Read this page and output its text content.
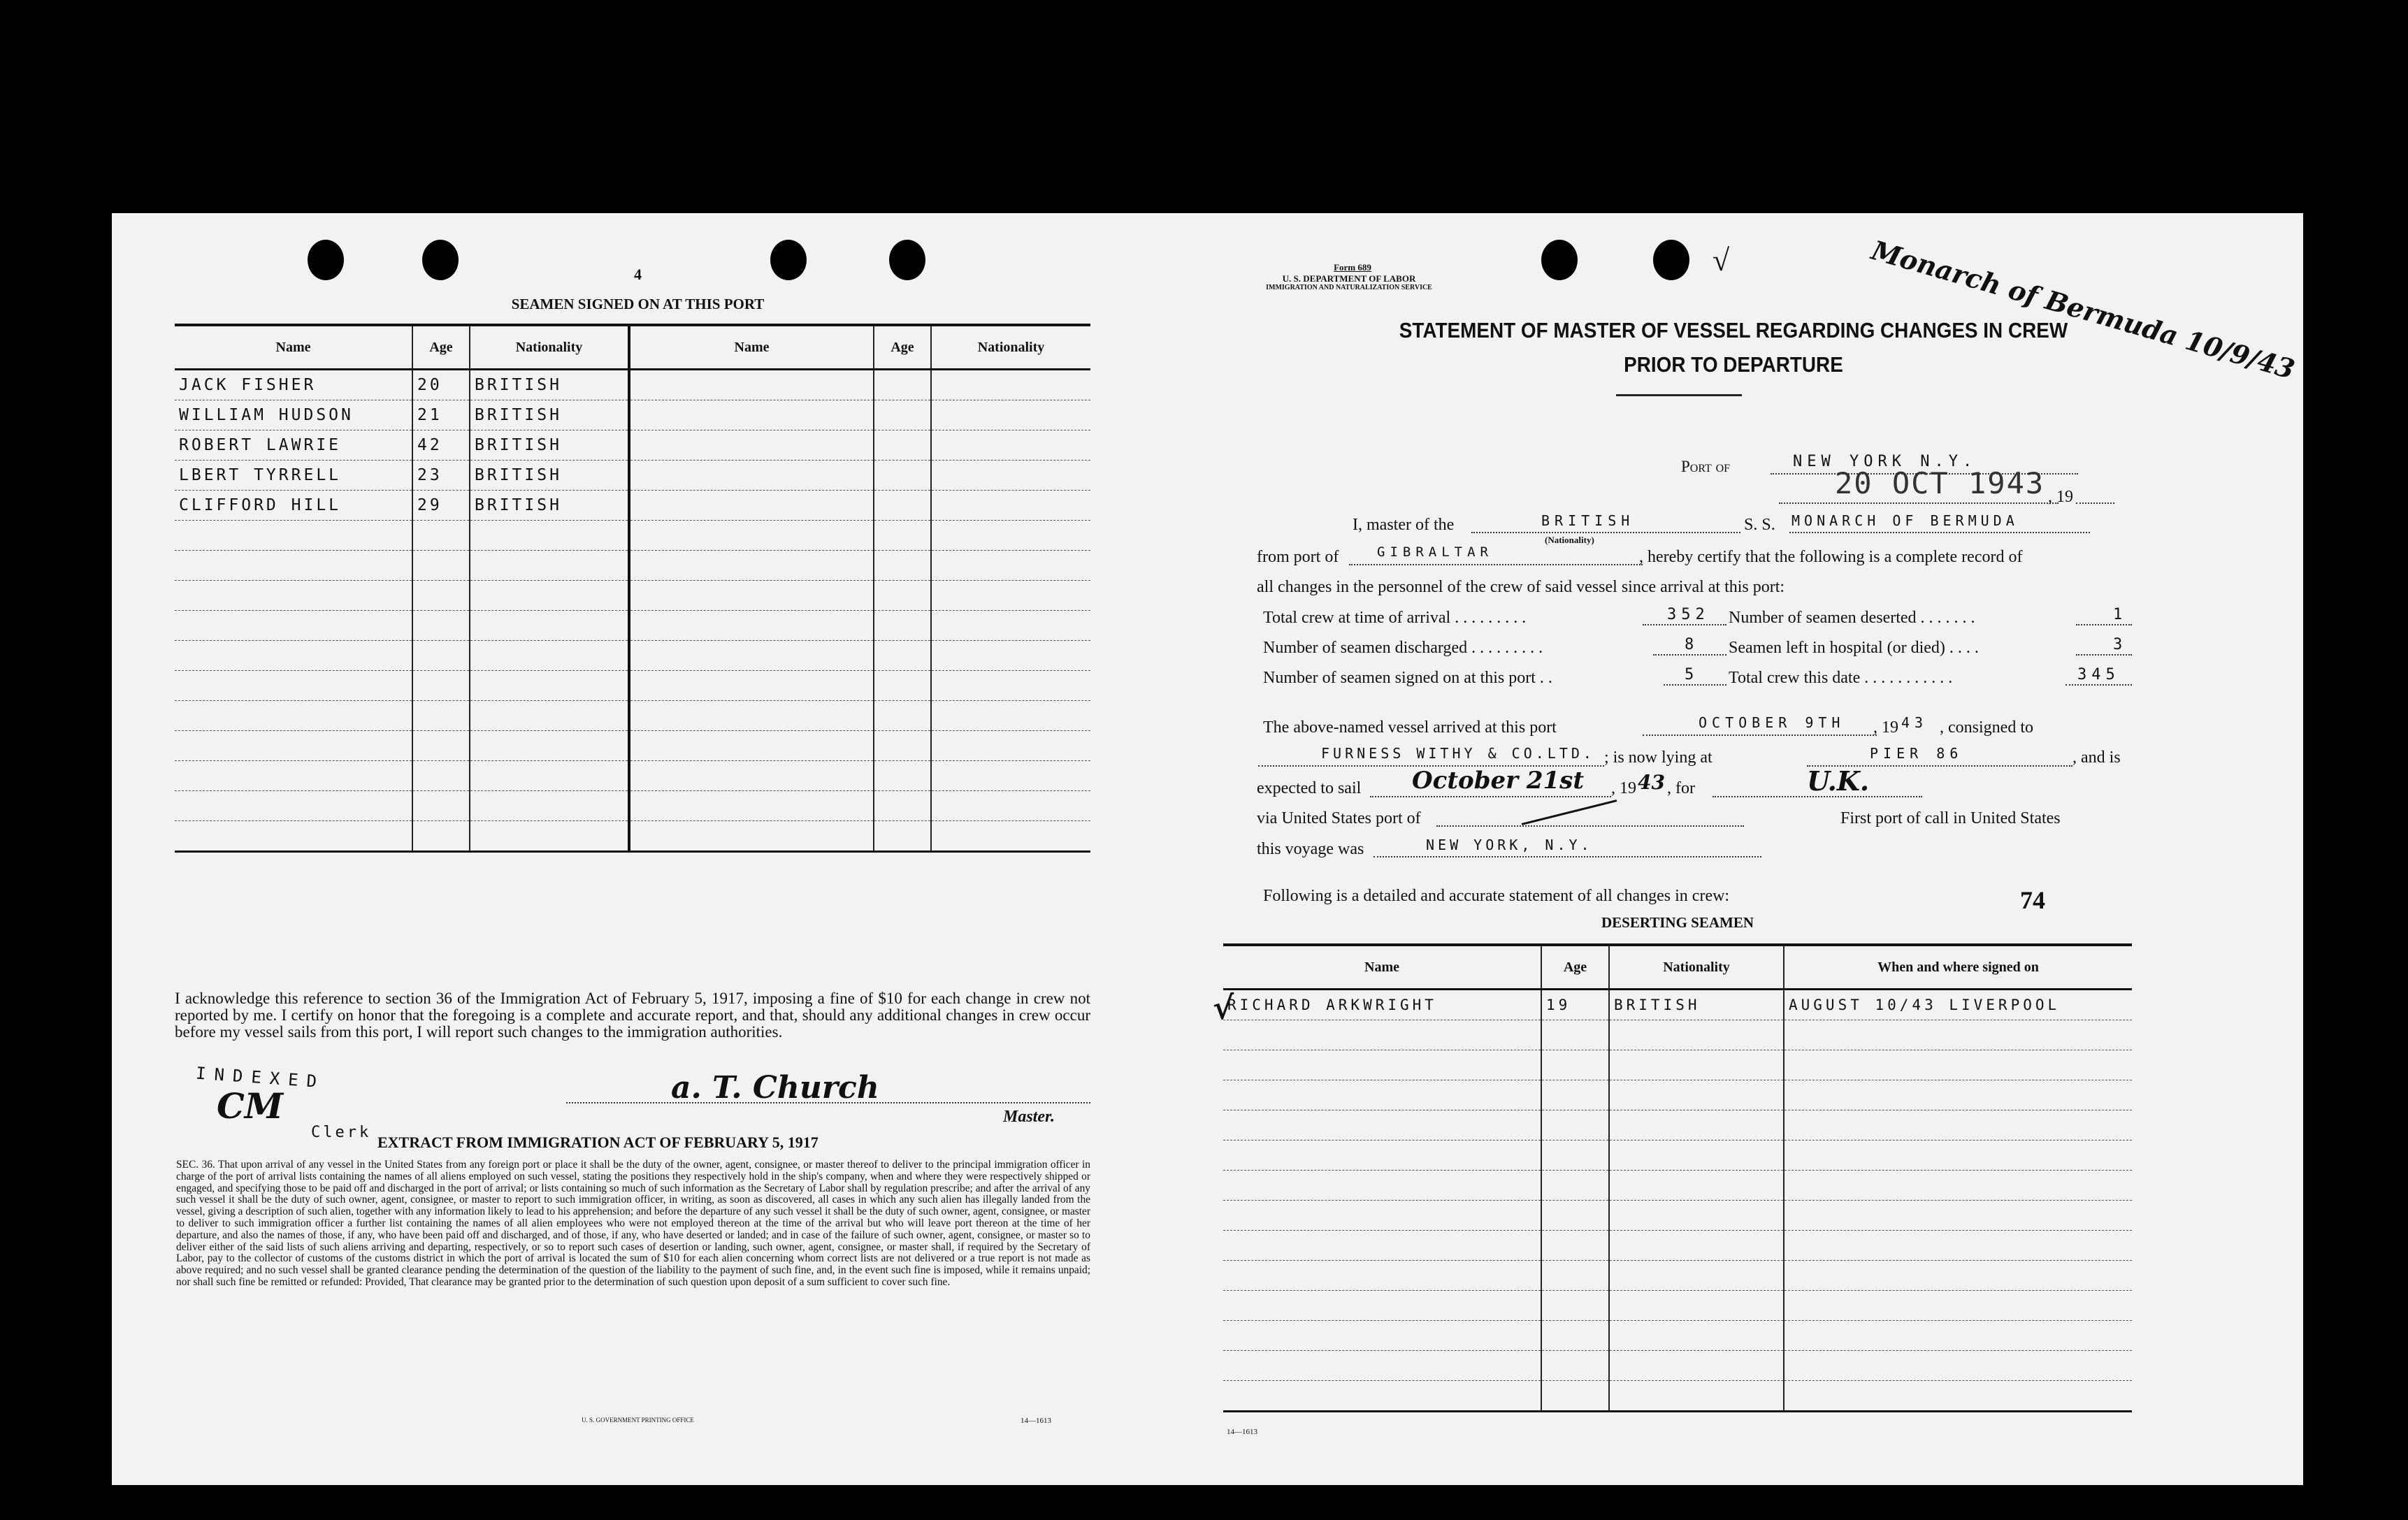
4
SEAMEN SIGNED ON AT THIS PORT
Name	Age	Nationality	Name	Age	Nationality
JACK FISHER	20	BRITISH			
WILLIAM HUDSON	21	BRITISH			
ROBERT LAWRIE	42	BRITISH			
LBERT TYRRELL	23	BRITISH			
CLIFFORD HILL	29	BRITISH			

I acknowledge this reference to section 36 of the Immigration Act of February 5, 1917, imposing a fine of $10 for each change in crew not reported by me. I certify on honor that the foregoing is a complete and accurate report, and that, should any additional changes in crew occur before my vessel sails from this port, I will report such changes to the immigration authorities.
INDEXED
CM
Clerk
a. T. Church
Master.
EXTRACT FROM IMMIGRATION ACT OF FEBRUARY 5, 1917
SEC. 36. That upon arrival of any vessel in the United States from any foreign port or place it shall be the duty of the owner, agent, consignee, or master thereof to deliver to the principal immigration officer in charge of the port of arrival lists containing the names of all aliens employed on such vessel, stating the positions they respectively hold in the ship's company, when and where they were respectively shipped or engaged, and specifying those to be paid off and discharged in the port of arrival; or lists containing so much of such information as the Secretary of Labor shall by regulation prescribe; and after the arrival of any such vessel it shall be the duty of such owner, agent, consignee, or master to report to such immigration officer, in writing, as soon as discovered, all cases in which any such alien has illegally landed from the vessel, giving a description of such alien, together with any information likely to lead to his apprehension; and before the departure of any such vessel it shall be the duty of such owner, agent, consignee, or master to deliver to such immigration officer a further list containing the names of all alien employees who were not employed thereon at the time of the arrival but who will leave port thereon at the time of her departure, and also the names of those, if any, who have been paid off and discharged, and of those, if any, who have deserted or landed; and in case of the failure of such owner, agent, consignee, or master so to deliver either of the said lists of such aliens arriving and departing, respectively, or so to report such cases of desertion or landing, such owner, agent, consignee, or master shall, if required by the Secretary of Labor, pay to the collector of customs of the customs district in which the port of arrival is located the sum of $10 for each alien concerning whom correct lists are not delivered or a true report is not made as above required; and no such vessel shall be granted clearance pending the determination of the question of the liability to the payment of such fine, and, in the event such fine is imposed, while it remains unpaid; nor shall such fine be remitted or refunded: Provided, That clearance may be granted prior to the determination of such question upon deposit of a sum sufficient to cover such fine.
U. S. GOVERNMENT PRINTING OFFICE	14—1613
√	Monarch of Bermuda 10/9/43
Form 689
U. S. DEPARTMENT OF LABOR
IMMIGRATION AND NATURALIZATION SERVICE
STATEMENT OF MASTER OF VESSEL REGARDING CHANGES IN CREW
PRIOR TO DEPARTURE
Port of	NEW YORK N.Y.
20 OCT 1943 , 19
I, master of the	BRITISH
(Nationality)
S. S. MONARCH OF BERMUDA
from port of	GIBRALTAR	, hereby certify that the following is a complete record of
all changes in the personnel of the crew of said vessel since arrival at this port:
Total crew at time of arrival . . . . . . . . .	352 Number of seamen deserted . . . . . . .	1
Number of seamen discharged . . . . . . . . .	8 Seamen left in hospital (or died) . . . .	3
Number of seamen signed on at this port . .	5 Total crew this date . . . . . . . . . . .	345
The above-named vessel arrived at this port	OCTOBER 9TH , 19 43 , consigned to
FURNESS WITHY & CO.LTD. ; is now lying at	PIER 86	, and is
expected to sail October 21st , 19 43 , for	U.K.
via United States port of	First port of call in United States
this voyage was	NEW YORK, N.Y.
Following is a detailed and accurate statement of all changes in crew:	74
DESERTING SEAMEN
Name	Age	Nationality	When and where signed on
RICHARD ARKWRIGHT	19	BRITISH	AUGUST 10/43 LIVERPOOL

√
14—1613
